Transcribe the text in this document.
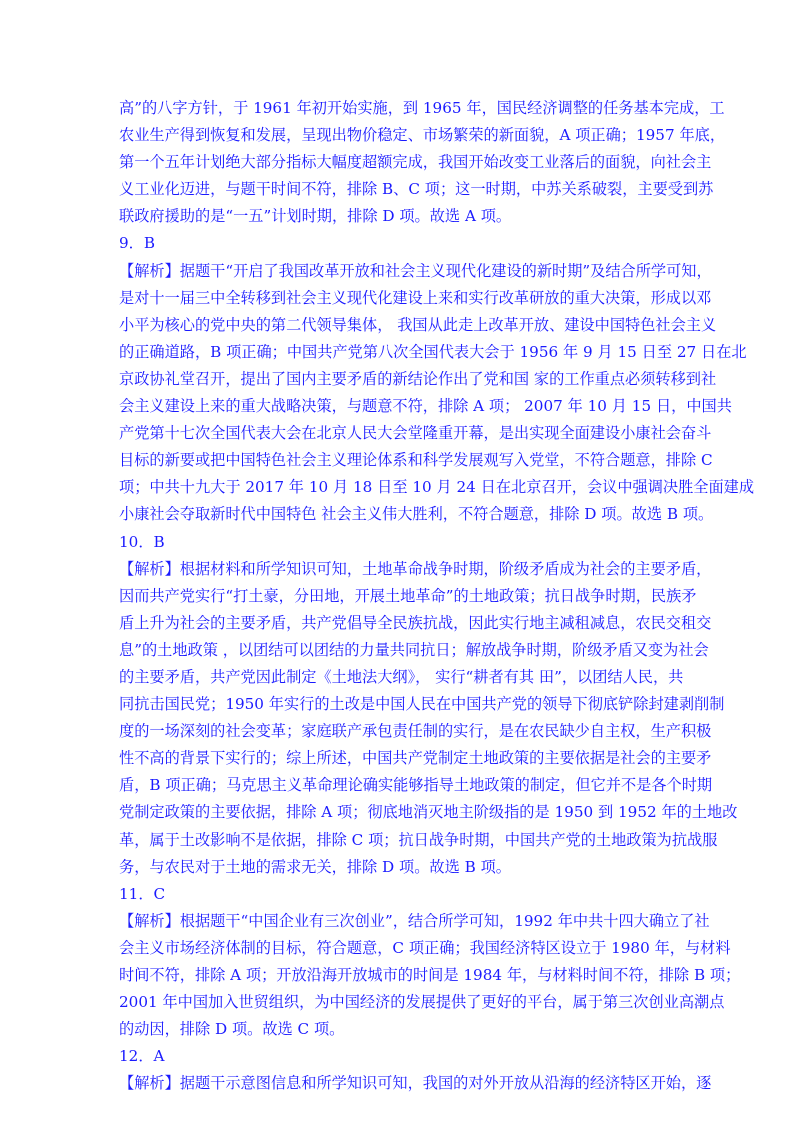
高”的八字方针，于 1961 年初开始实施，到 1965 年，国民经济调整的任务基本完成，工
农业生产得到恢复和发展，呈现出物价稳定、市场繁荣的新面貌，A 项正确；1957 年底，
第一个五年计划绝大部分指标大幅度超额完成，我国开始改变工业落后的面貌，向社会主
义工业化迈进，与题干时间不符，排除 B、C 项；这一时期，中苏关系破裂，主要受到苏
联政府援助的是“一五”计划时期，排除 D 项。故选 A 项。
9．B
【解析】据题干“开启了我国改革开放和社会主义现代化建设的新时期”及结合所学可知，
是对十一届三中全转移到社会主义现代化建设上来和实行改革研放的重大决策，形成以邓
小平为核心的党中央的第二代领导集体， 我国从此走上改革开放、建设中国特色社会主义
的正确道路，B 项正确；中国共产党第八次全国代表大会于 1956 年 9 月 15 日至 27 日在北
京政协礼堂召开，提出了国内主要矛盾的新结论作出了党和国 家的工作重点必须转移到社
会主义建设上来的重大战略决策，与题意不符，排除 A 项； 2007 年 10 月 15 日，中国共
产党第十七次全国代表大会在北京人民大会堂隆重开幕，是出实现全面建设小康社会奋斗
目标的新要或把中国特色社会主义理论体系和科学发展观写入党堂，不符合题意，排除 C
项；中共十九大于 2017 年 10 月 18 日至 10 月 24 日在北京召开，会议中强调决胜全面建成
小康社会夺取新时代中国特色 社会主义伟大胜利，不符合题意，排除 D 项。故选 B 项。
10．B
【解析】根据材料和所学知识可知，土地革命战争时期，阶级矛盾成为社会的主要矛盾，
因而共产党实行“打土豪，分田地，开展土地革命”的土地政策；抗日战争时期，民族矛
盾上升为社会的主要矛盾，共产党倡导全民族抗战，因此实行地主减租减息，农民交租交
息”的土地政策 ，以团结可以团结的力量共同抗日；解放战争时期，阶级矛盾又变为社会
的主要矛盾，共产党因此制定《土地法大纲》， 实行“耕者有其 田”，以团结人民，共
同抗击国民党；1950 年实行的土改是中国人民在中国共产党的领导下彻底铲除封建剥削制
度的一场深刻的社会变革；家庭联产承包责任制的实行，是在农民缺少自主权，生产积极
性不高的背景下实行的；综上所述，中国共产党制定土地政策的主要依据是社会的主要矛
盾，B 项正确；马克思主义革命理论确实能够指导土地政策的制定，但它并不是各个时期
党制定政策的主要依据，排除 A 项；彻底地消灭地主阶级指的是 1950 到 1952 年的土地改
革，属于土改影响不是依据，排除 C 项；抗日战争时期，中国共产党的土地政策为抗战服
务，与农民对于土地的需求无关，排除 D 项。故选 B 项。
11．C
【解析】根据题干“中国企业有三次创业”，结合所学可知，1992 年中共十四大确立了社
会主义市场经济体制的目标，符合题意，C 项正确；我国经济特区设立于 1980 年，与材料
时间不符，排除 A 项；开放沿海开放城市的时间是 1984 年，与材料时间不符，排除 B 项；
2001 年中国加入世贸组织，为中国经济的发展提供了更好的平台，属于第三次创业高潮点
的动因，排除 D 项。故选 C 项。
12．A
【解析】据题干示意图信息和所学知识可知，我国的对外开放从沿海的经济特区开始，逐
